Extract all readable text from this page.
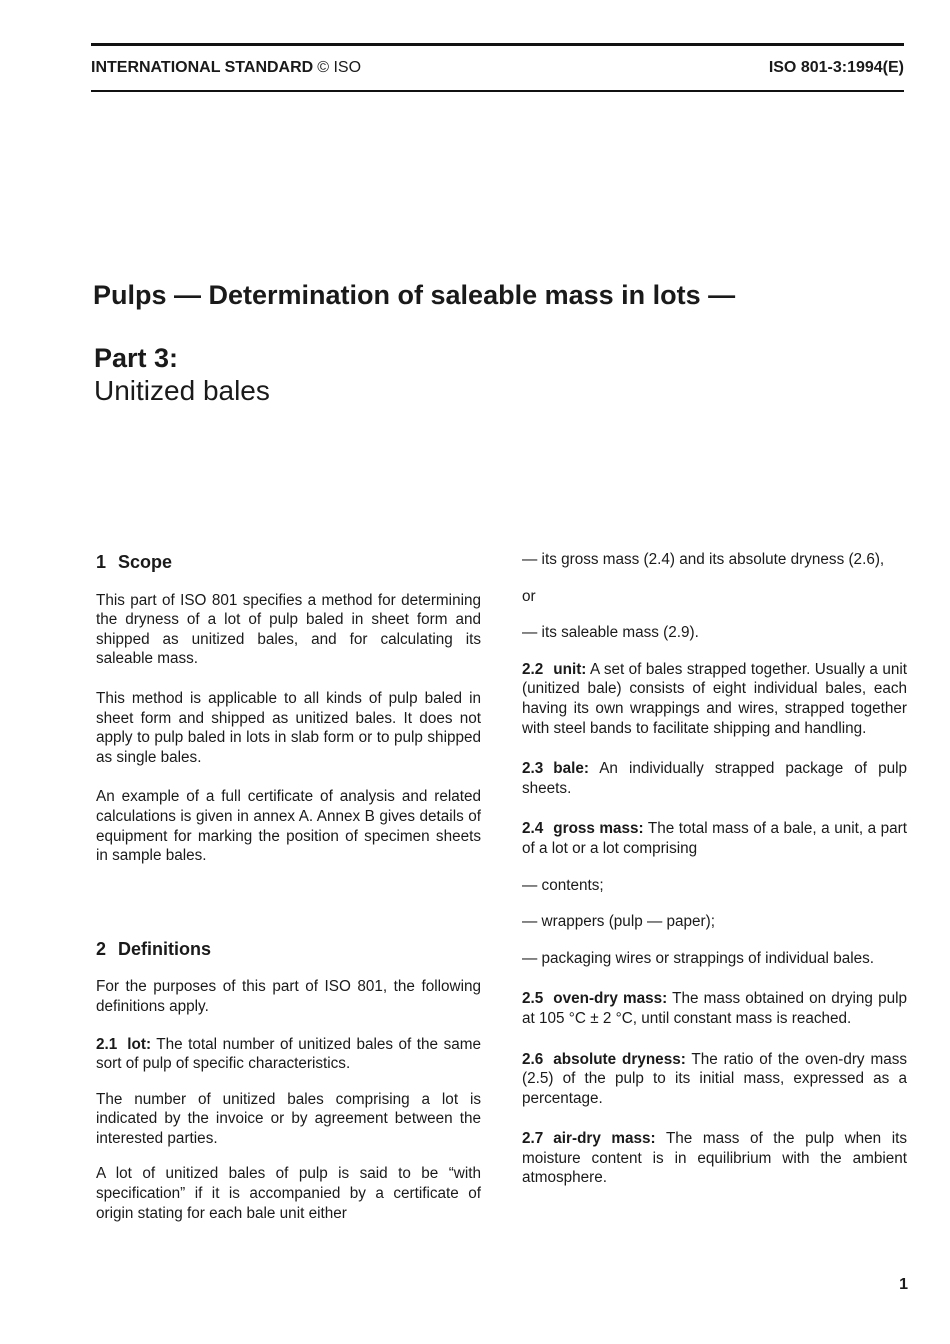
INTERNATIONAL STANDARD © ISO	ISO 801-3:1994(E)
Pulps — Determination of saleable mass in lots —
Part 3:
Unitized bales
1 Scope

This part of ISO 801 specifies a method for determining the dryness of a lot of pulp baled in sheet form and shipped as unitized bales, and for calculating its saleable mass.

This method is applicable to all kinds of pulp baled in sheet form and shipped as unitized bales. It does not apply to pulp baled in lots in slab form or to pulp shipped as single bales.

An example of a full certificate of analysis and related calculations is given in annex A. Annex B gives details of equipment for marking the position of specimen sheets in sample bales.

2 Definitions

For the purposes of this part of ISO 801, the following definitions apply.

2.1 lot: The total number of unitized bales of the same sort of pulp of specific characteristics.

The number of unitized bales comprising a lot is indicated by the invoice or by agreement between the interested parties.

A lot of unitized bales of pulp is said to be “with specification” if it is accompanied by a certificate of origin stating for each bale unit either

— its gross mass (2.4) and its absolute dryness (2.6),

or

— its saleable mass (2.9).

2.2 unit: A set of bales strapped together. Usually a unit (unitized bale) consists of eight individual bales, each having its own wrappings and wires, strapped together with steel bands to facilitate shipping and handling.

2.3 bale: An individually strapped package of pulp sheets.

2.4 gross mass: The total mass of a bale, a unit, a part of a lot or a lot comprising

— contents;

— wrappers (pulp — paper);

— packaging wires or strappings of individual bales.

2.5 oven-dry mass: The mass obtained on drying pulp at 105 °C ± 2 °C, until constant mass is reached.

2.6 absolute dryness: The ratio of the oven-dry mass (2.5) of the pulp to its initial mass, expressed as a percentage.

2.7 air-dry mass: The mass of the pulp when its moisture content is in equilibrium with the ambient atmosphere.

1
